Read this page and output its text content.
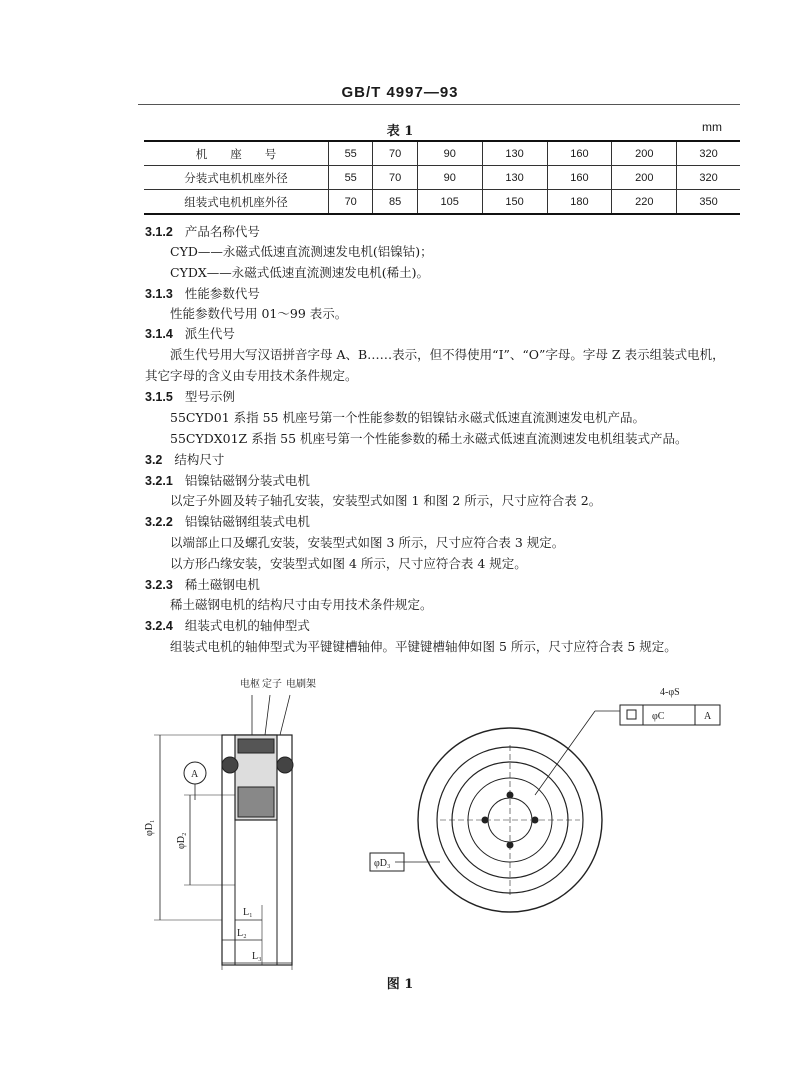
GB/T 4997—93
表 1	mm
机　　座　　号	55	70	90	130	160	200	320
分装式电机机座外径	55	70	90	130	160	200	320
组装式电机机座外径	70	85	105	150	180	220	350
3.1.2 产品名称代号
CYD——永磁式低速直流测速发电机(铝镍钴)；
CYDX——永磁式低速直流测速发电机(稀土)。
3.1.3 性能参数代号
性能参数代号用 01～99 表示。
3.1.4 派生代号
派生代号用大写汉语拼音字母 A、B……表示，但不得使用“I”、“O”字母。字母 Z 表示组装式电机，
其它字母的含义由专用技术条件规定。
3.1.5 型号示例
55CYD01 系指 55 机座号第一个性能参数的铝镍钴永磁式低速直流测速发电机产品。
55CYDX01Z 系指 55 机座号第一个性能参数的稀土永磁式低速直流测速发电机组装式产品。
3.2 结构尺寸
3.2.1 铝镍钴磁钢分装式电机
以定子外圆及转子轴孔安装，安装型式如图 1 和图 2 所示，尺寸应符合表 2。
3.2.2 铝镍钴磁钢组装式电机
以端部止口及螺孔安装，安装型式如图 3 所示，尺寸应符合表 3 规定。
以方形凸缘安装，安装型式如图 4 所示，尺寸应符合表 4 规定。
3.2.3 稀土磁钢电机
稀土磁钢电机的结构尺寸由专用技术条件规定。
3.2.4 组装式电机的轴伸型式
组装式电机的轴伸型式为平键键槽轴伸。平键键槽轴伸如图 5 所示，尺寸应符合表 5 规定。
电枢 定子 电刷架
A
φD₁
φD₂
L₁
L₂
L₃
4-φS
φC	A
φD₃
图 1
